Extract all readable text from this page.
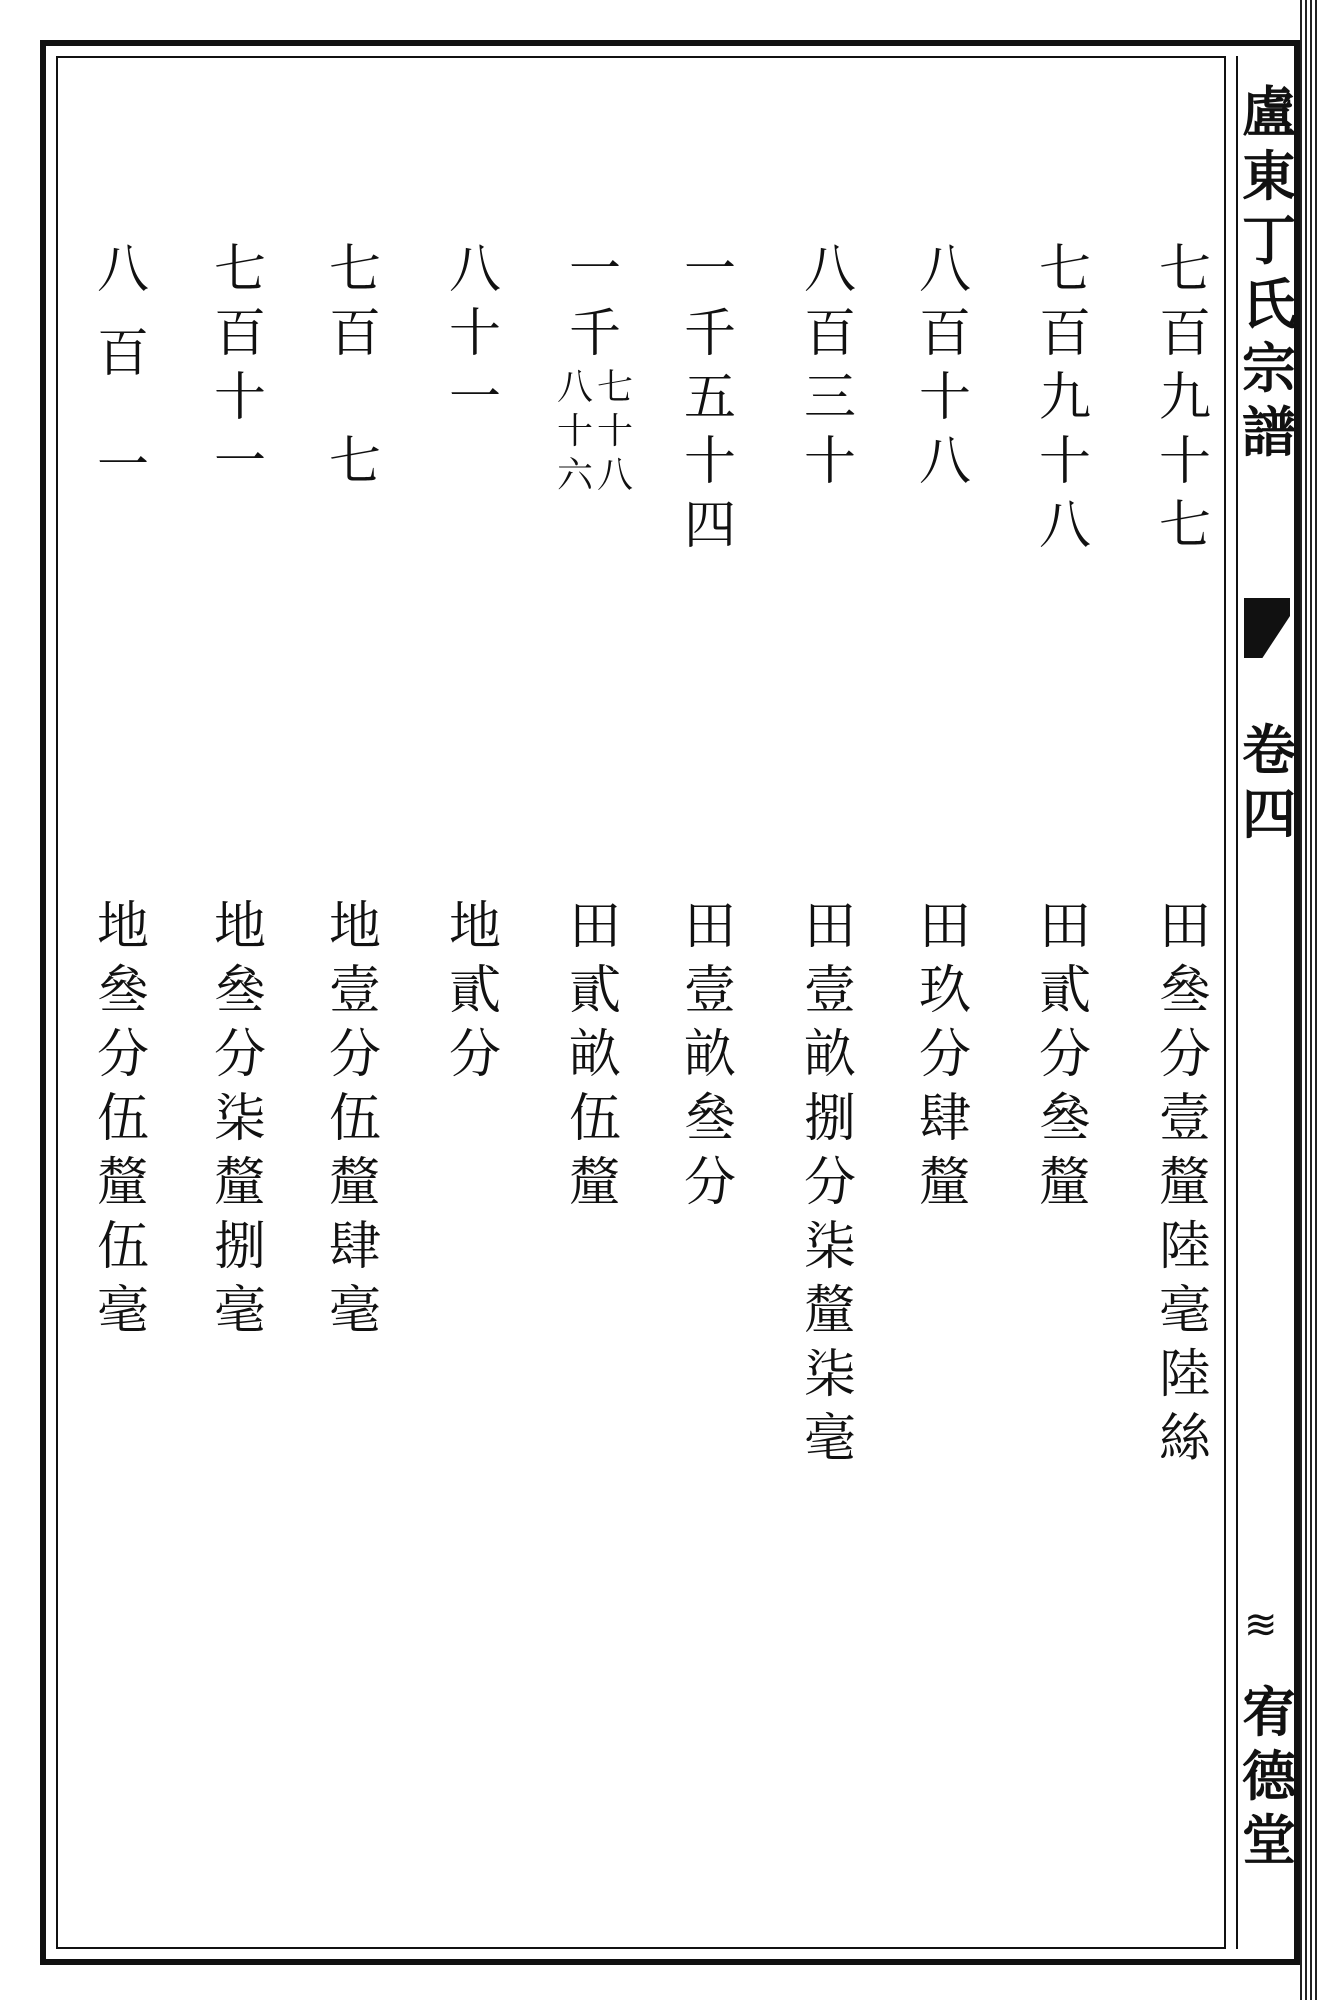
盧
東
丁
氏
宗
譜
卷
四
≋
宥
德
堂
七
百
九
十
七
田
叄
分
壹
釐
陸
毫
陸
絲
七
百
九
十
八
田
貳
分
叄
釐
八
百
十
八
田
玖
分
肆
釐
八
百
三
十
田
壹
畝
捌
分
柒
釐
柒
毫
一
千
五
十
四
田
壹
畝
叄
分
一
千
七
十
八
八
十
六
田
貳
畝
伍
釐
八
十
一
地
貳
分
七
百
七
地
壹
分
伍
釐
肆
毫
七
百
十
一
地
叄
分
柒
釐
捌
毫
八
百
一
地
叄
分
伍
釐
伍
毫
